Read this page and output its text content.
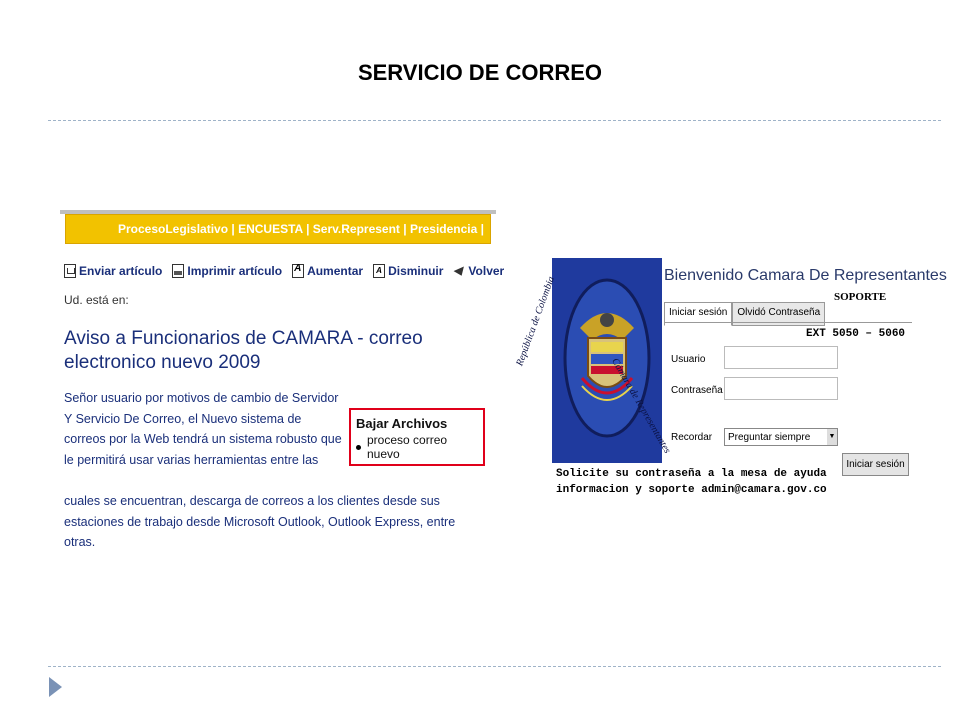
SERVICIO DE CORREO
ProcesoLegislativo | ENCUESTA | Serv.Represent | Presidencia |
Enviar artículo Imprimir artículo A Aumentar A Disminuir ◀ Volver
Ud. está en:
Aviso a Funcionarios de CAMARA - correo electronico nuevo 2009
Señor usuario por motivos de cambio de Servidor Y Servicio De Correo, el Nuevo sistema de correos por la Web tendrá un sistema robusto que le permitirá usar varias herramientas entre las
cuales se encuentran, descarga de correos a los clientes desde sus estaciones de trabajo desde Microsoft Outlook, Outlook Express, entre otras.
Bajar Archivos
proceso correo nuevo
República de Colombia
Cámara de Representantes
Bienvenido Camara De Representantes
SOPORTE
Iniciar sesión	Olvidó Contraseña
EXT 5050 – 5060
Usuario
Contraseña
Recordar	Preguntar siempre	▼
Iniciar sesión
Solicite su contraseña a la mesa de ayuda
informacion y soporte admin@camara.gov.co
